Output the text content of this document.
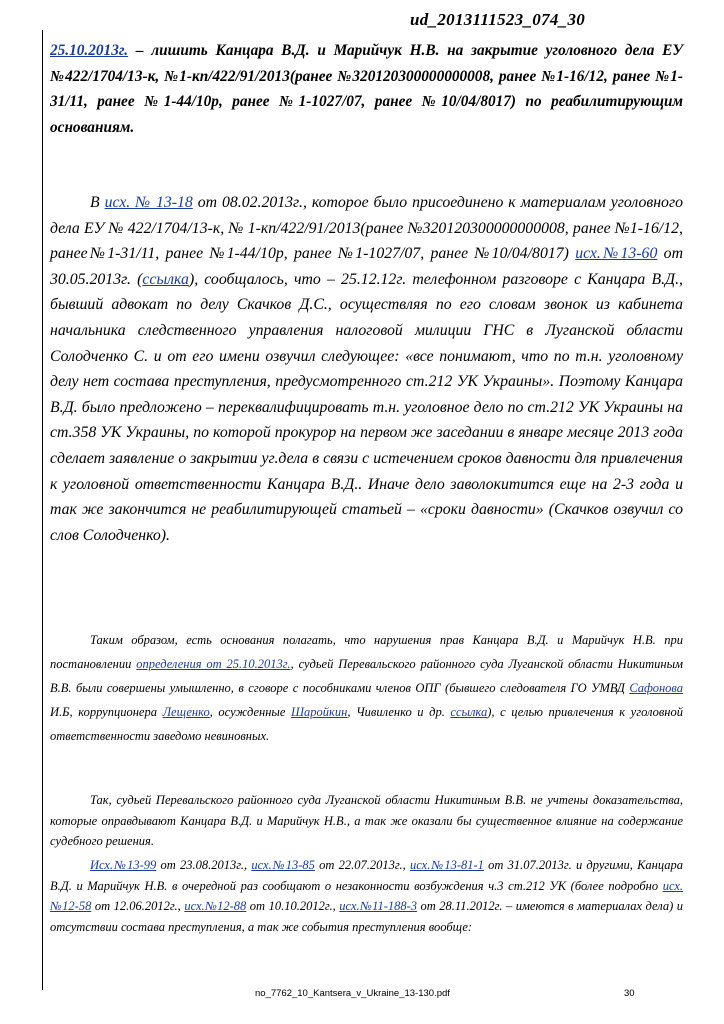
ud_2013111523_074_30
25.10.2013г. – лишить Канцара В.Д. и Марийчук Н.В. на закрытие уголовного дела ЕУ №422/1704/13-к, №1-кп/422/91/2013(ранее №320120300000000008, ранее №1-16/12, ранее №1-31/11, ранее №1-44/10р, ранее №1-1027/07, ранее №10/04/8017) по реабилитирующим основаниям.
В исх. № 13-18 от 08.02.2013г., которое было присоединено к материалам уголовного дела ЕУ № 422/1704/13-к, № 1-кп/422/91/2013(ранее №320120300000000008, ранее №1-16/12, ранее№1-31/11, ранее №1-44/10р, ранее №1-1027/07, ранее №10/04/8017) исх.№13-60 от 30.05.2013г. (ссылка), сообщалось, что – 25.12.12г. телефонном разговоре с Канцара В.Д., бывший адвокат по делу Скачков Д.С., осуществляя по его словам звонок из кабинета начальника следственного управления налоговой милиции ГНС в Луганской области Солодченко С. и от его имени озвучил следующее: «все понимают, что по т.н. уголовному делу нет состава преступления, предусмотренного ст.212 УК Украины». Поэтому Канцара В.Д. было предложено – переквалифицировать т.н. уголовное дело по ст.212 УК Украины на ст.358 УК Украины, по которой прокурор на первом же заседании в январе месяце 2013 года сделает заявление о закрытии уг.дела в связи с истечением сроков давности для привлечения к уголовной ответственности Канцара В.Д.. Иначе дело заволокитится еще на 2-3 года и так же закончится не реабилитирующей статьей – «сроки давности» (Скачков озвучил со слов Солодченко).
Таким образом, есть основания полагать, что нарушения прав Канцара В.Д. и Марийчук Н.В. при постановлении определения от 25.10.2013г., судьей Перевальского районного суда Луганской области Никитиным В.В. были совершены умышленно, в сговоре с пособниками членов ОПГ (бывшего следователя ГО УМВД Сафонова И.Б, коррупционера Лещенко, осужденные Шаройкин, Чивиленко и др. ссылка), с целью привлечения к уголовной ответственности заведомо невиновных.
Так, судьей Перевальского районного суда Луганской области Никитиным В.В. не учтены доказательства, которые оправдывают Канцара В.Д. и Марийчук Н.В., а так же оказали бы существенное влияние на содержание судебного решения.
Исх.№13-99 от 23.08.2013г., исх.№13-85 от 22.07.2013г., исх.№13-81-1 от 31.07.2013г. и другими, Канцара В.Д. и Марийчук Н.В. в очередной раз сообщают о незаконности возбуждения ч.3 ст.212 УК (более подробно исх.№12-58 от 12.06.2012г., исх.№12-88 от 10.10.2012г., исх.№11-188-3 от 28.11.2012г. – имеются в материалах дела) и отсутствии состава преступления, а так же события преступления вообще:
no_7762_10_Kantsera_v_Ukraine_13-130.pdf	30
